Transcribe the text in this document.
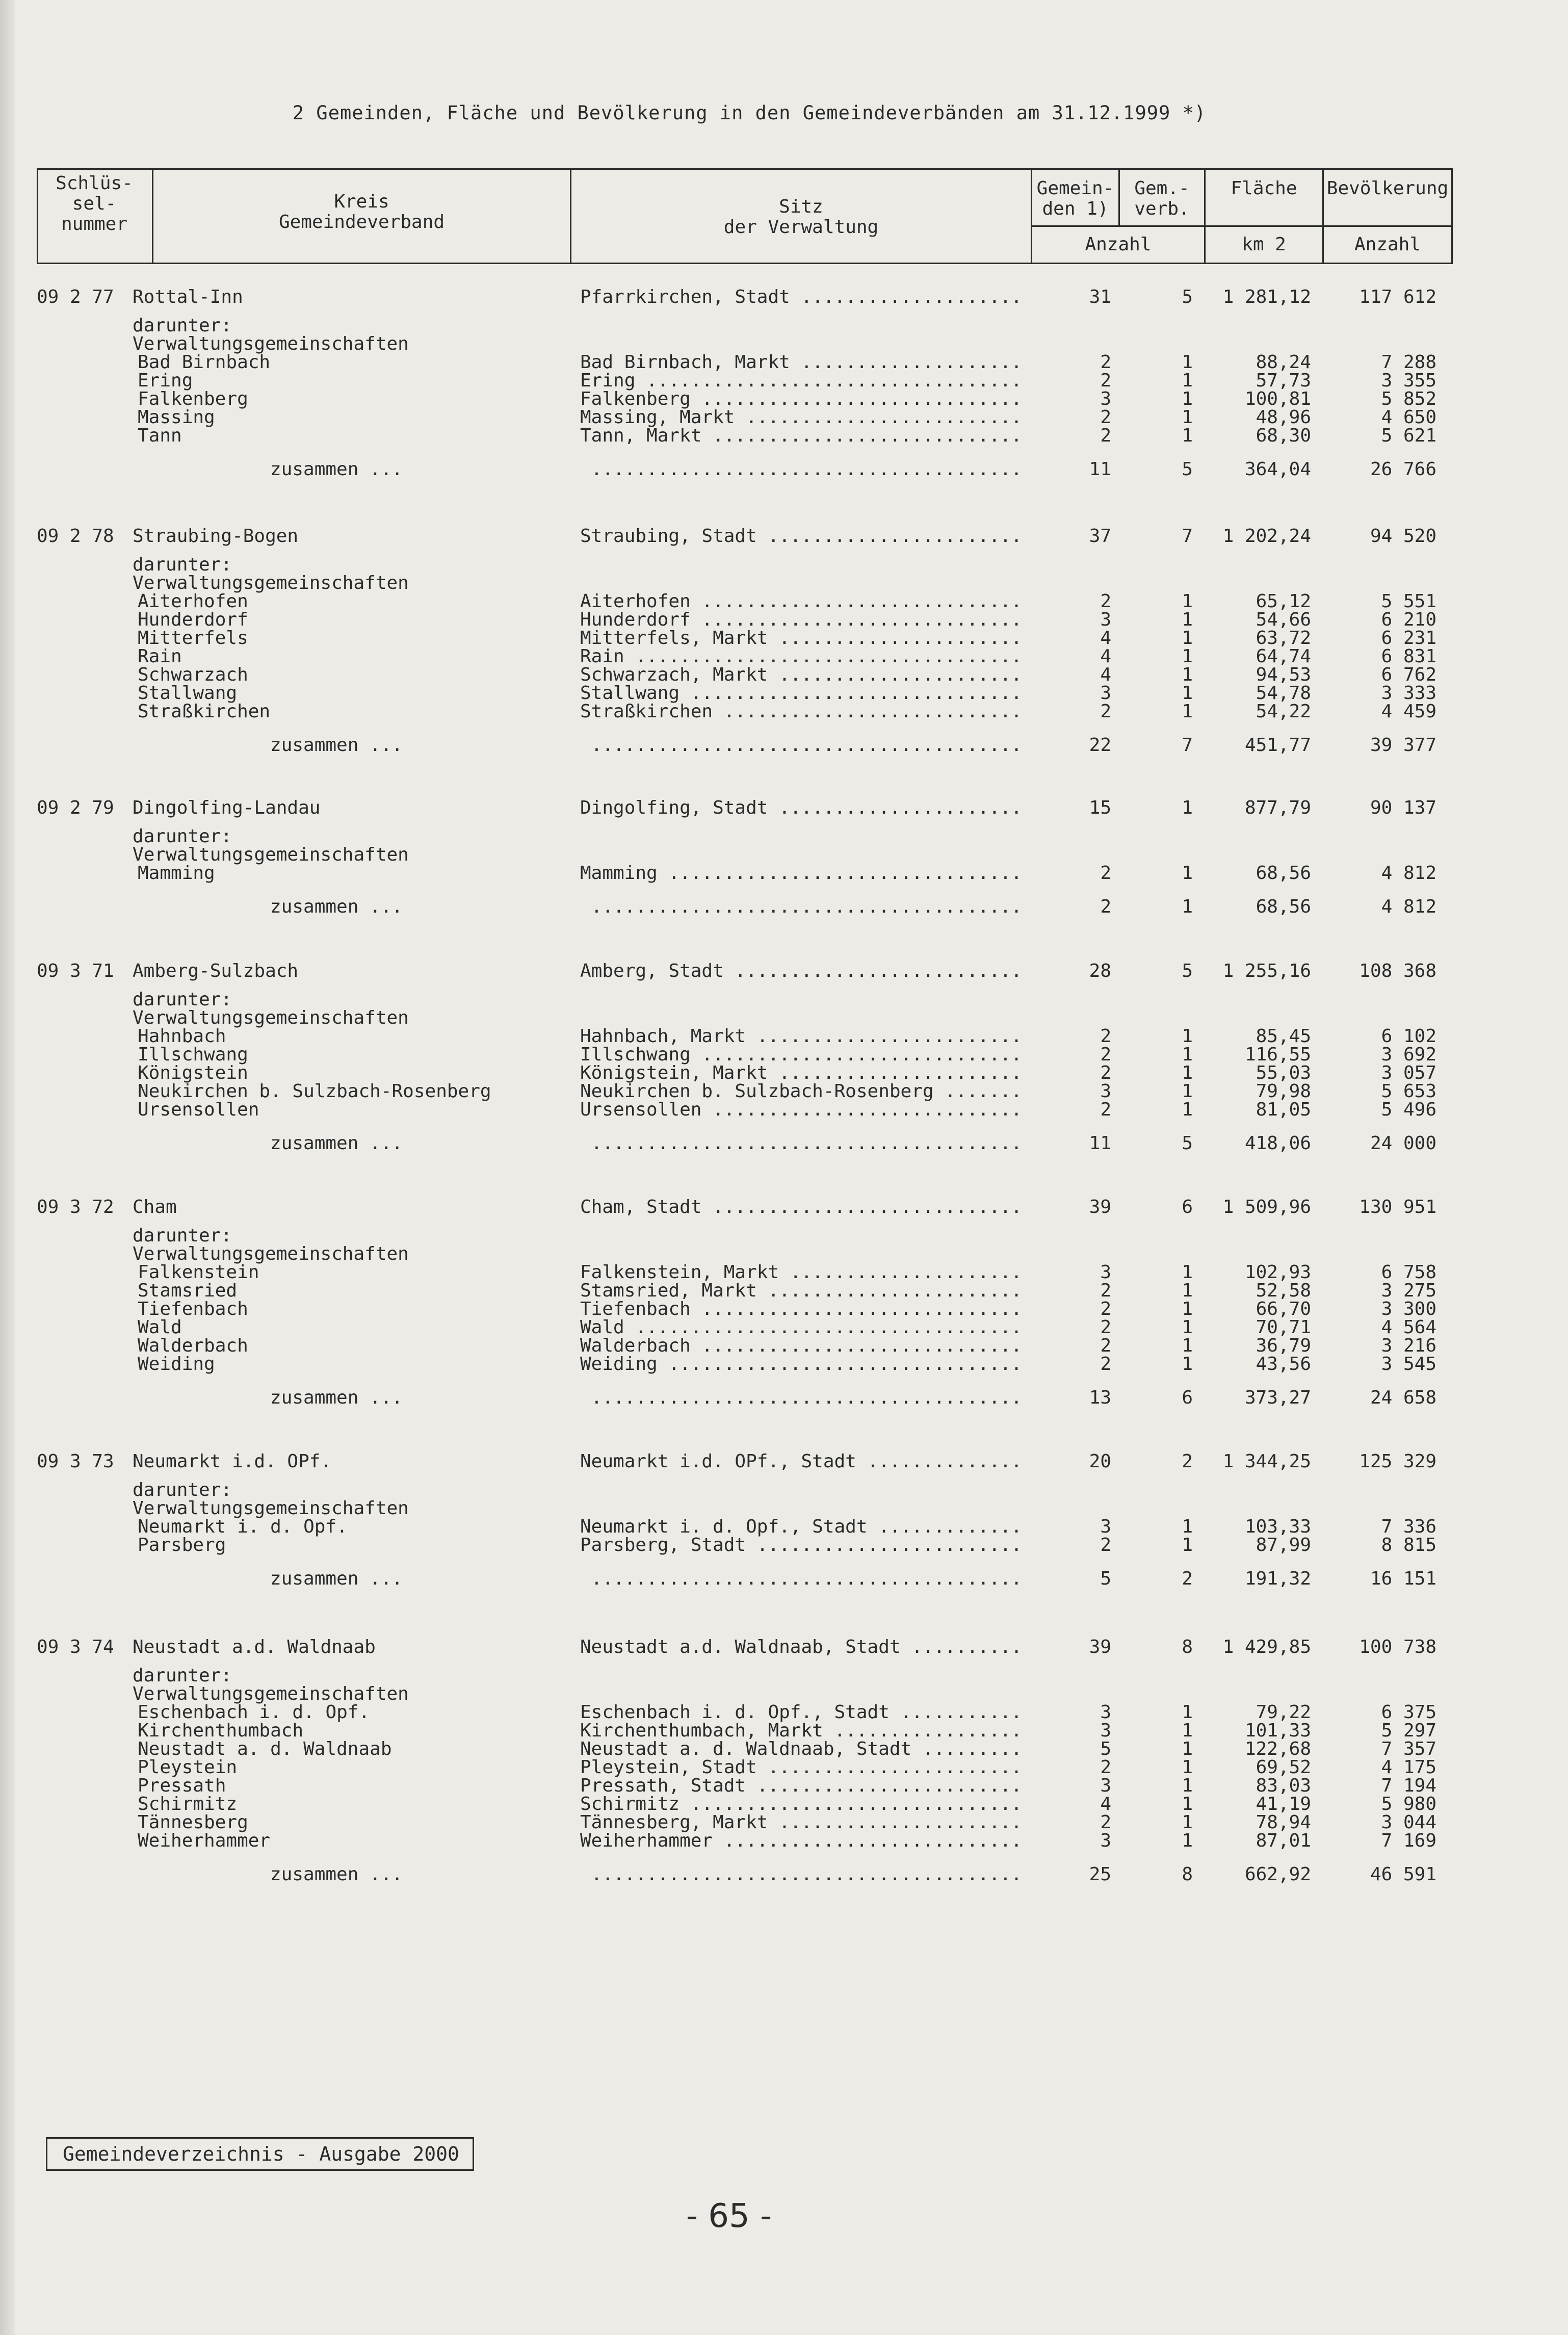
2 Gemeinden, Fläche und Bevölkerung in den Gemeindeverbänden am 31.12.1999 *)
Schlüs-
sel-
nummer
Kreis
Gemeindeverband
Sitz
der Verwaltung
Gemein-
den 1)
Gem.-
verb.
Fläche	Bevölkerung
Anzahl	km 2	Anzahl
09 2 77 Rottal-Inn	Pfarrkirchen, Stadt .....	31	5	1 281,12	117 612
darunter:
Verwaltungsgemeinschaften
Bad Birnbach	Bad Birnbach, Markt .....	2	1	88,24	7 288
Ering	Ering .....	2	1	57,73	3 355
Falkenberg	Falkenberg .....	3	1	100,81	5 852
Massing	Massing, Markt .....	2	1	48,96	4 650
Tann	Tann, Markt .....	2	1	68,30	5 621
zusammen ... .....	11	5	364,04	26 766
09 2 78 Straubing-Bogen	Straubing, Stadt .....	37	7	1 202,24	94 520
darunter:
Verwaltungsgemeinschaften
Aiterhofen	Aiterhofen .....	2	1	65,12	5 551
Hunderdorf	Hunderdorf .....	3	1	54,66	6 210
Mitterfels	Mitterfels, Markt .....	4	1	63,72	6 231
Rain	Rain .....	4	1	64,74	6 831
Schwarzach	Schwarzach, Markt .....	4	1	94,53	6 762
Stallwang	Stallwang .....	3	1	54,78	3 333
Straßkirchen	Straßkirchen .....	2	1	54,22	4 459
zusammen ... .....	22	7	451,77	39 377
09 2 79 Dingolfing-Landau	Dingolfing, Stadt .....	15	1	877,79	90 137
darunter:
Verwaltungsgemeinschaften
Mamming	Mamming .....	2	1	68,56	4 812
zusammen ... .....	2	1	68,56	4 812
09 3 71 Amberg-Sulzbach	Amberg, Stadt .....	28	5	1 255,16	108 368
darunter:
Verwaltungsgemeinschaften
Hahnbach	Hahnbach, Markt .....	2	1	85,45	6 102
Illschwang	Illschwang .....	2	1	116,55	3 692
Königstein	Königstein, Markt .....	2	1	55,03	3 057
Neukirchen b. Sulzbach-Rosenberg	Neukirchen b. Sulzbach-Rosenberg .....	3	1	79,98	5 653
Ursensollen	Ursensollen .....	2	1	81,05	5 496
zusammen ... .....	11	5	418,06	24 000
09 3 72 Cham	Cham, Stadt .....	39	6	1 509,96	130 951
darunter:
Verwaltungsgemeinschaften
Falkenstein	Falkenstein, Markt .....	3	1	102,93	6 758
Stamsried	Stamsried, Markt .....	2	1	52,58	3 275
Tiefenbach	Tiefenbach .....	2	1	66,70	3 300
Wald	Wald .....	2	1	70,71	4 564
Walderbach	Walderbach .....	2	1	36,79	3 216
Weiding	Weiding .....	2	1	43,56	3 545
zusammen ... .....	13	6	373,27	24 658
09 3 73 Neumarkt i.d. OPf.	Neumarkt i.d. OPf., Stadt .....	20	2	1 344,25	125 329
darunter:
Verwaltungsgemeinschaften
Neumarkt i. d. Opf.	Neumarkt i. d. Opf., Stadt .....	3	1	103,33	7 336
Parsberg	Parsberg, Stadt .....	2	1	87,99	8 815
zusammen ... .....	5	2	191,32	16 151
09 3 74 Neustadt a.d. Waldnaab	Neustadt a.d. Waldnaab, Stadt .....	39	8	1 429,85	100 738
darunter:
Verwaltungsgemeinschaften
Eschenbach i. d. Opf.	Eschenbach i. d. Opf., Stadt .....	3	1	79,22	6 375
Kirchenthumbach	Kirchenthumbach, Markt .....	3	1	101,33	5 297
Neustadt a. d. Waldnaab	Neustadt a. d. Waldnaab, Stadt .....	5	1	122,68	7 357
Pleystein	Pleystein, Stadt .....	2	1	69,52	4 175
Pressath	Pressath, Stadt .....	3	1	83,03	7 194
Schirmitz	Schirmitz .....	4	1	41,19	5 980
Tännesberg	Tännesberg, Markt .....	2	1	78,94	3 044
Weiherhammer	Weiherhammer .....	3	1	87,01	7 169
zusammen ... .....	25	8	662,92	46 591
Gemeindeverzeichnis - Ausgabe 2000
- 65 -
